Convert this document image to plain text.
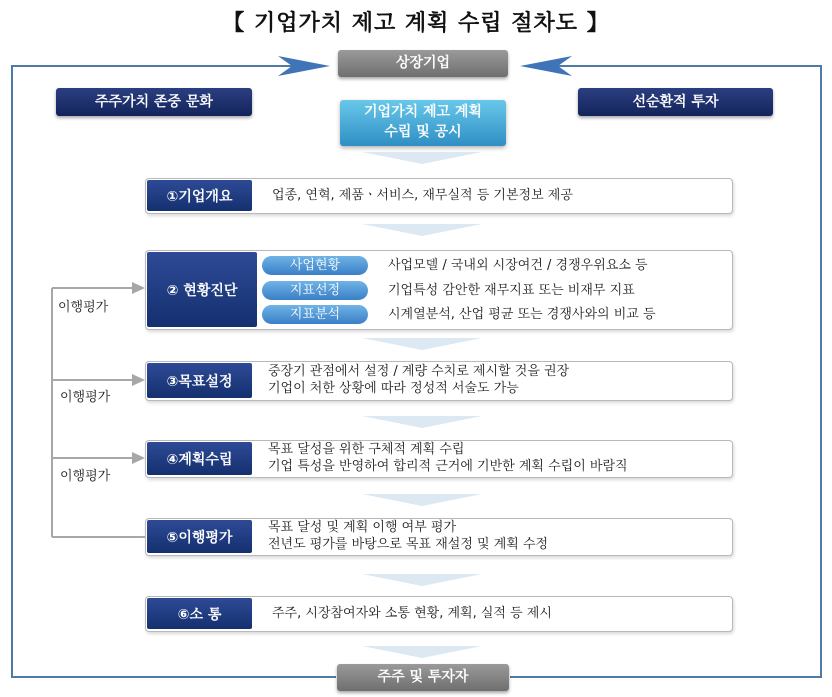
【 기업가치 제고 계획 수립 절차도 】
상장기업
주주가치 존중 문화	선순환적 투자
기업가치 제고 계획
수립 및 공시
①기업개요	업종, 연혁, 제품ㆍ서비스, 재무실적 등 기본정보 제공
② 현황진단
사업현황	사업모델 / 국내외 시장여건 / 경쟁우위요소 등
지표선정	기업특성 감안한 재무지표 또는 비재무 지표
지표분석	시계열분석, 산업 평균 또는 경쟁사와의 비교 등
③목표설정
중장기 관점에서 설정 / 계량 수치로 제시할 것을 권장
기업이 처한 상황에 따라 정성적 서술도 가능
④계획수립
목표 달성을 위한 구체적 계획 수립
기업 특성을 반영하여 합리적 근거에 기반한 계획 수립이 바람직
⑤이행평가
목표 달성 및 계획 이행 여부 평가
전년도 평가를 바탕으로 목표 재설정 및 계획 수정
⑥소 통	주주, 시장참여자와 소통 현황, 계획, 실적 등 제시
이행평가
이행평가
이행평가
주주 및 투자자
